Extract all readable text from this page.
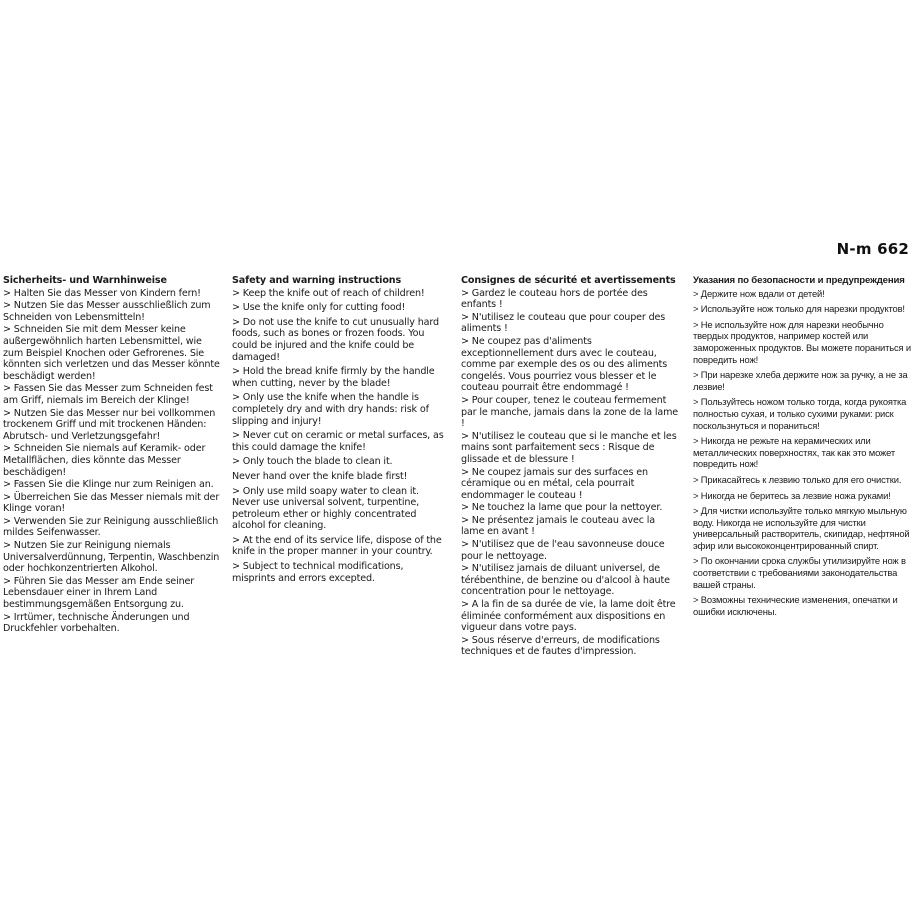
N-m 662
Sicherheits- und Warnhinweise

> Halten Sie das Messer von Kindern fern!

> Nutzen Sie das Messer ausschließlich zum Schneiden von Lebensmitteln!

> Schneiden Sie mit dem Messer keine außergewöhnlich harten Lebensmittel, wie zum Beispiel Knochen oder Gefrorenes. Sie könnten sich verletzen und das Messer könnte beschädigt werden!

> Fassen Sie das Messer zum Schneiden fest am Griff, niemals im Bereich der Klinge!

> Nutzen Sie das Messer nur bei vollkommen trockenem Griff und mit trockenen Händen: Abrutsch- und Verletzungsgefahr!

> Schneiden Sie niemals auf Keramik- oder Metallflächen, dies könnte das Messer beschädigen!

> Fassen Sie die Klinge nur zum Reinigen an.

> Überreichen Sie das Messer niemals mit der Klinge voran!

> Verwenden Sie zur Reinigung ausschließlich mildes Seifenwasser.

> Nutzen Sie zur Reinigung niemals Universalverdünnung, Terpentin, Waschbenzin oder hochkonzentrierten Alkohol.

> Führen Sie das Messer am Ende seiner Lebensdauer einer in Ihrem Land bestimmungsgemäßen Entsorgung zu.

> Irrtümer, technische Änderungen und Druckfehler vorbehalten.

Safety and warning instructions

> Keep the knife out of reach of children!

> Use the knife only for cutting food!

> Do not use the knife to cut unusually hard foods, such as bones or frozen foods. You could be injured and the knife could be damaged!

> Hold the bread knife firmly by the handle when cutting, never by the blade!

> Only use the knife when the handle is completely dry and with dry hands: risk of slipping and injury!

> Never cut on ceramic or metal surfaces, as this could damage the knife!

> Only touch the blade to clean it.

Never hand over the knife blade first!

> Only use mild soapy water to clean it. Never use universal solvent, turpentine, petroleum ether or highly concentrated alcohol for cleaning.

> At the end of its service life, dispose of the knife in the proper manner in your country.

> Subject to technical modifications, misprints and errors excepted.

Consignes de sécurité et avertissements

> Gardez le couteau hors de portée des enfants !

> N'utilisez le couteau que pour couper des aliments !

> Ne coupez pas d'aliments exceptionnellement durs avec le couteau, comme par exemple des os ou des aliments congelés. Vous pourriez vous blesser et le couteau pourrait être endommagé !

> Pour couper, tenez le couteau fermement par le manche, jamais dans la zone de la lame !

> N'utilisez le couteau que si le manche et les mains sont parfaitement secs : Risque de glissade et de blessure !

> Ne coupez jamais sur des surfaces en céramique ou en métal, cela pourrait endommager le couteau !

> Ne touchez la lame que pour la nettoyer.

> Ne présentez jamais le couteau avec la lame en avant !

> N'utilisez que de l'eau savonneuse douce pour le nettoyage.

> N'utilisez jamais de diluant universel, de térébenthine, de benzine ou d'alcool à haute concentration pour le nettoyage.

> A la fin de sa durée de vie, la lame doit être éliminée conformément aux dispositions en vigueur dans votre pays.

> Sous réserve d'erreurs, de modifications techniques et de fautes d'impression.

Указания по безопасности и предупреждения

> Держите нож вдали от детей!

> Используйте нож только для нарезки продуктов!

> Не используйте нож для нарезки необычно твердых продуктов, например костей или замороженных продуктов. Вы можете пораниться и повредить нож!

> При нарезке хлеба держите нож за ручку, а не за лезвие!

> Пользуйтесь ножом только тогда, когда рукоятка полностью сухая, и только сухими руками: риск поскользнуться и пораниться!

> Никогда не режьте на керамических или металлических поверхностях, так как это может повредить нож!

> Прикасайтесь к лезвию только для его очистки.

> Никогда не беритесь за лезвие ножа руками!

> Для чистки используйте только мягкую мыльную воду. Никогда не используйте для чистки универсальный растворитель, скипидар, нефтяной эфир или высококонцентрированный спирт.

> По окончании срока службы утилизируйте нож в соответствии с требованиями законодательства вашей страны.

> Возможны технические изменения, опечатки и ошибки исключены.
